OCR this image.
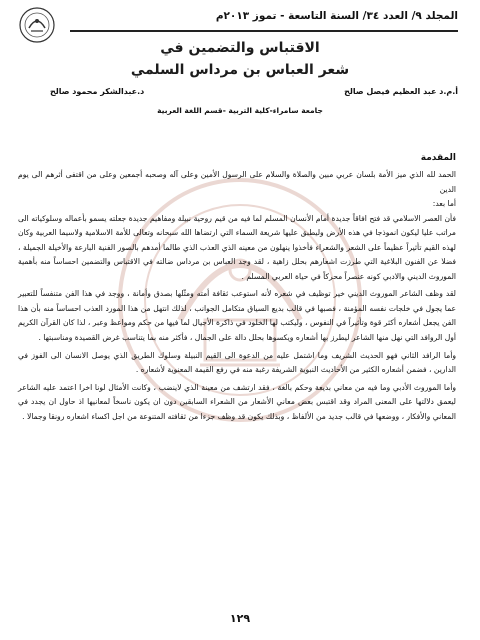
المجلد ٩/ العدد ٣٤/ السنة التاسعة - تموز ٢٠١٣م
الاقتباس والتضمين في
شعر العباس بن مرداس السلمي
أ.م.د عبد العظيم فيصل صالح
د.عبدالشكر محمود صالح
جامعة سامراء-كلية التربية -قسم اللغة العربية
المقدمة

الحمد لله الذي ميز الأمة بلسان عربي مبين والصلاة والسلام على الرسول الأمين وعلى آله وصحبه أجمعين وعلى من اقتفى أثرهم الى يوم الدين

أما بعد:

فأن العصر الاسلامي قد فتح افاقاً جديدة أمام الأنسان المسلم لما فيه من قيم روحية نبيلة ومفاهيم جديدة جعلته يسمو بأعماله وسلوكياته الى مراتب عليا ليكون انموذجا في هذه الأرض وليطبق عليها شريعة السماء التي ارتضاها الله سبحانه وتعالى للأمة الاسلامية ولاسيما العربية وكان لهذه القيم تأثيراً عظيماً على الشعر والشعراء فأخذوا ينهلون من معينه الذي العذب الذي طالما أمدهم بالصور الفنية البارعة والأخيلة الجميلة ، فضلا عن الفنون البلاغية التي طرزت اشعارهم بحلل زاهية ، لقد وجد العباس بن مرداس ضالته في الاقتباس والتضمين احساساً منه بأهمية الموروث الديني والادبي كونه عنصراً محركاً في حياة العربي المسلم .

لقد وظف الشاعر الموروث الديني خير توظيف في شعره لأنه استوعب ثقافة أمته ومثّلها بصدق وأمانة ، ووجد في هذا الفن متنفساً للتعبير عما يجول في خلجات نفسه المؤمنة ، فصبها في قالب بديع السياق متكامل الجوانب ، لذلك انتهل من هذا المورد العذب احساساً منه بأن هذا الفن يجعل أشعاره أكثر قوة وتأثيراً في النفوس ، وليكتب لها الخلود في ذاكرة الأجيال لما فيها من حكم ومواعظ وعبر ، لذا كان القرآن الكريم أول الروافد التي نهل منها الشاعر ليطرز بها أشعاره ويكسوها بحلل دالة على الجمال ، فأكثر منه بما يتناسب غرض القصيدة ومناسبتها .

وأما الرافد الثاني فهو الحديث الشريف وما اشتمل عليه من الدعوة الى القيم النبيلة وسلوك الطريق الذي يوصل الانسان الى الفوز في الدارين ، فضمن أشعاره الكثير من الأحاديث النبوية الشريفة رغبة منه في رفع القيمة المعنوية لأشعاره .

وأما الموروث الأدبي وما فيه من معاني بديعة وحكم بالغة ، فقد ارتشف من معينة الذي لاينضب ، وكانت الأمثال لونا اخرا اعتمد عليه الشاعر ليعمق دلالتها على المعنى المراد وقد اقتبس بعض معاني الأشعار من الشعراء السابقين دون ان يكون ناسخاً لمعانيها اذ حاول ان يجدد في المعاني والأفكار ، ووضعها في قالب جديد من الألفاظ ، وبذلك يكون قد وظف جزءا من ثقافته المتنوعة من اجل اكساء اشعاره رونقا وجمالا .

١٢٩
